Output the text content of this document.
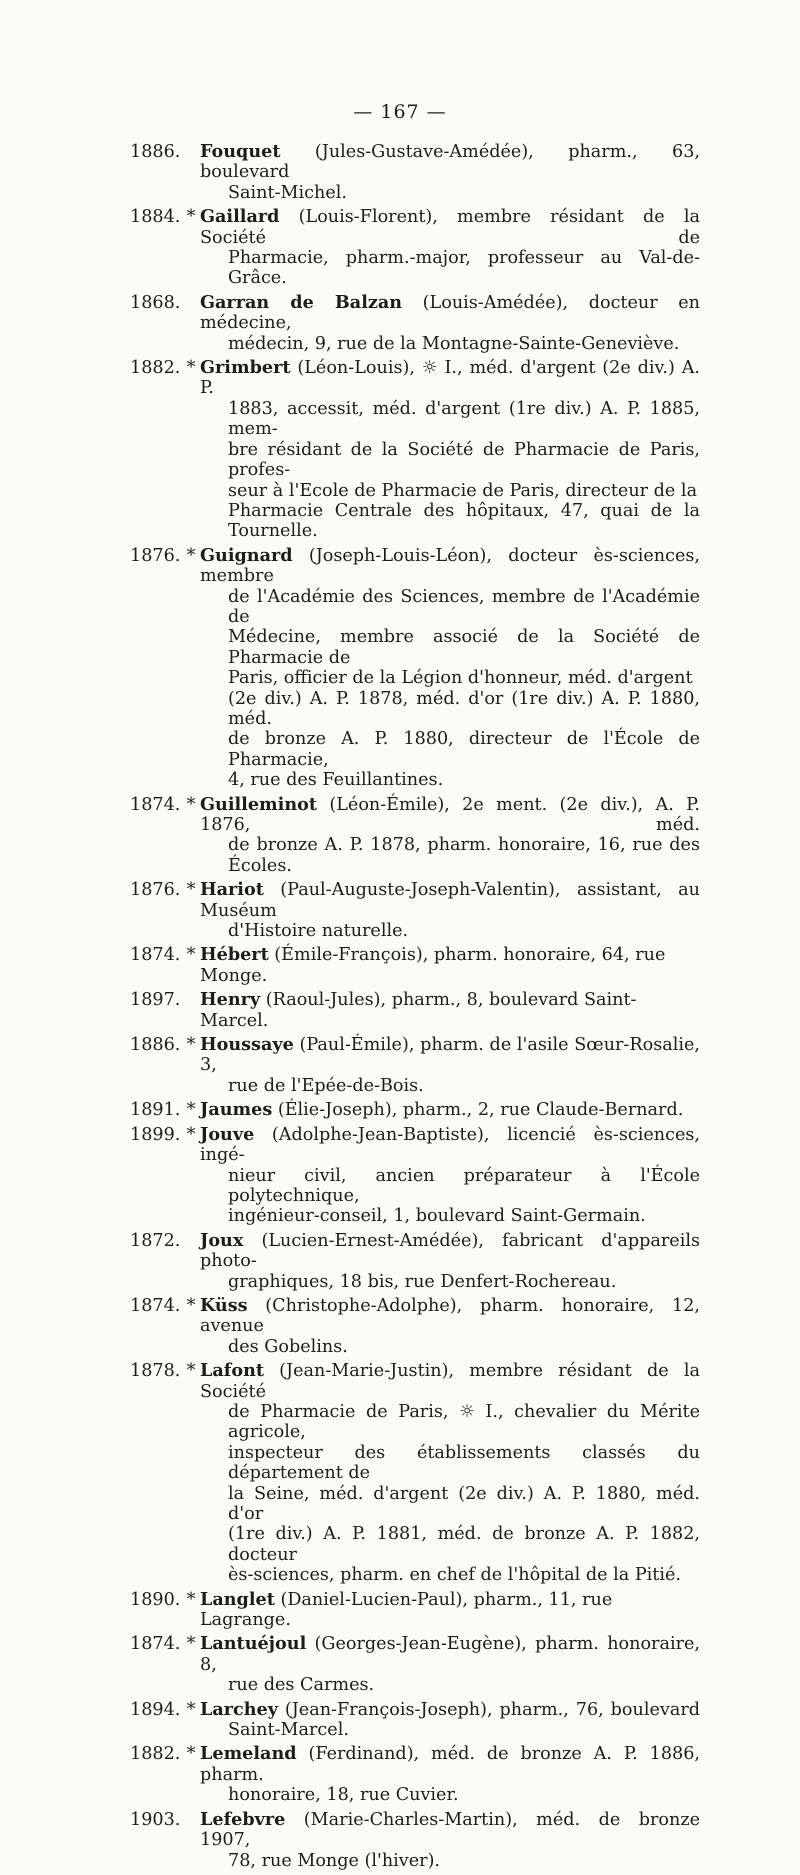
— 167 —
1886. Fouquet (Jules-Gustave-Amédée), pharm., 63, boulevard
Saint-Michel.
1884. * Gaillard (Louis-Florent), membre résidant de la Société de
Pharmacie, pharm.-major, professeur au Val-de-Grâce.
1868. Garran de Balzan (Louis-Amédée), docteur en médecine,
médecin, 9, rue de la Montagne-Sainte-Geneviève.
1882. * Grimbert (Léon-Louis), ☼ I., méd. d'argent (2e div.) A. P.
1883, accessit, méd. d'argent (1re div.) A. P. 1885, mem-
bre résidant de la Société de Pharmacie de Paris, profes-
seur à l'Ecole de Pharmacie de Paris, directeur de la
Pharmacie Centrale des hôpitaux, 47, quai de la Tournelle.
1876. * Guignard (Joseph-Louis-Léon), docteur ès-sciences, membre
de l'Académie des Sciences, membre de l'Académie de
Médecine, membre associé de la Société de Pharmacie de
Paris, officier de la Légion d'honneur, méd. d'argent
(2e div.) A. P. 1878, méd. d'or (1re div.) A. P. 1880, méd.
de bronze A. P. 1880, directeur de l'École de Pharmacie,
4, rue des Feuillantines.
1874. * Guilleminot (Léon-Émile), 2e ment. (2e div.), A. P. 1876, méd.
de bronze A. P. 1878, pharm. honoraire, 16, rue des Écoles.
1876. * Hariot (Paul-Auguste-Joseph-Valentin), assistant, au Muséum
d'Histoire naturelle.
1874. * Hébert (Émile-François), pharm. honoraire, 64, rue Monge.
1897. Henry (Raoul-Jules), pharm., 8, boulevard Saint-Marcel.
1886. * Houssaye (Paul-Émile), pharm. de l'asile Sœur-Rosalie, 3,
rue de l'Epée-de-Bois.
1891. * Jaumes (Élie-Joseph), pharm., 2, rue Claude-Bernard.
1899. * Jouve (Adolphe-Jean-Baptiste), licencié ès-sciences, ingé-
nieur civil, ancien préparateur à l'École polytechnique,
ingénieur-conseil, 1, boulevard Saint-Germain.
1872. Joux (Lucien-Ernest-Amédée), fabricant d'appareils photo-
graphiques, 18 bis, rue Denfert-Rochereau.
1874. * Küss (Christophe-Adolphe), pharm. honoraire, 12, avenue
des Gobelins.
1878. * Lafont (Jean-Marie-Justin), membre résidant de la Société
de Pharmacie de Paris, ☼ I., chevalier du Mérite agricole,
inspecteur des établissements classés du département de
la Seine, méd. d'argent (2e div.) A. P. 1880, méd. d'or
(1re div.) A. P. 1881, méd. de bronze A. P. 1882, docteur
ès-sciences, pharm. en chef de l'hôpital de la Pitié.
1890. * Langlet (Daniel-Lucien-Paul), pharm., 11, rue Lagrange.
1874. * Lantuéjoul (Georges-Jean-Eugène), pharm. honoraire, 8,
rue des Carmes.
1894. * Larchey (Jean-François-Joseph), pharm., 76, boulevard
Saint-Marcel.
1882. * Lemeland (Ferdinand), méd. de bronze A. P. 1886, pharm.
honoraire, 18, rue Cuvier.
1903. Lefebvre (Marie-Charles-Martin), méd. de bronze 1907,
78, rue Monge (l'hiver).
